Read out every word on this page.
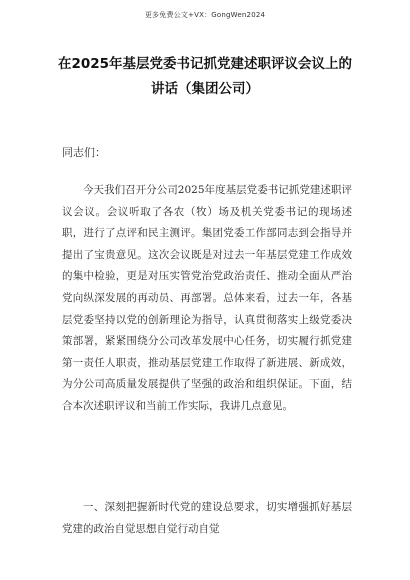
更多免费公文+VX：GongWen2024
在2025年基层党委书记抓党建述职评议会议上的讲话（集团公司）
同志们：

今天我们召开分公司2025年度基层党委书记抓党建述职评议会议。会议听取了各农（牧）场及机关党委书记的现场述职，进行了点评和民主测评。集团党委工作部同志到会指导并提出了宝贵意见。这次会议既是对过去一年基层党建工作成效的集中检验，更是对压实管党治党政治责任、推动全面从严治党向纵深发展的再动员、再部署。总体来看，过去一年，各基层党委坚持以党的创新理论为指导，认真贯彻落实上级党委决策部署，紧紧围绕分公司改革发展中心任务，切实履行抓党建第一责任人职责，推动基层党建工作取得了新进展、新成效，为分公司高质量发展提供了坚强的政治和组织保证。下面，结合本次述职评议和当前工作实际，我讲几点意见。

一、深刻把握新时代党的建设总要求，切实增强抓好基层党建的政治自觉思想自觉行动自觉
